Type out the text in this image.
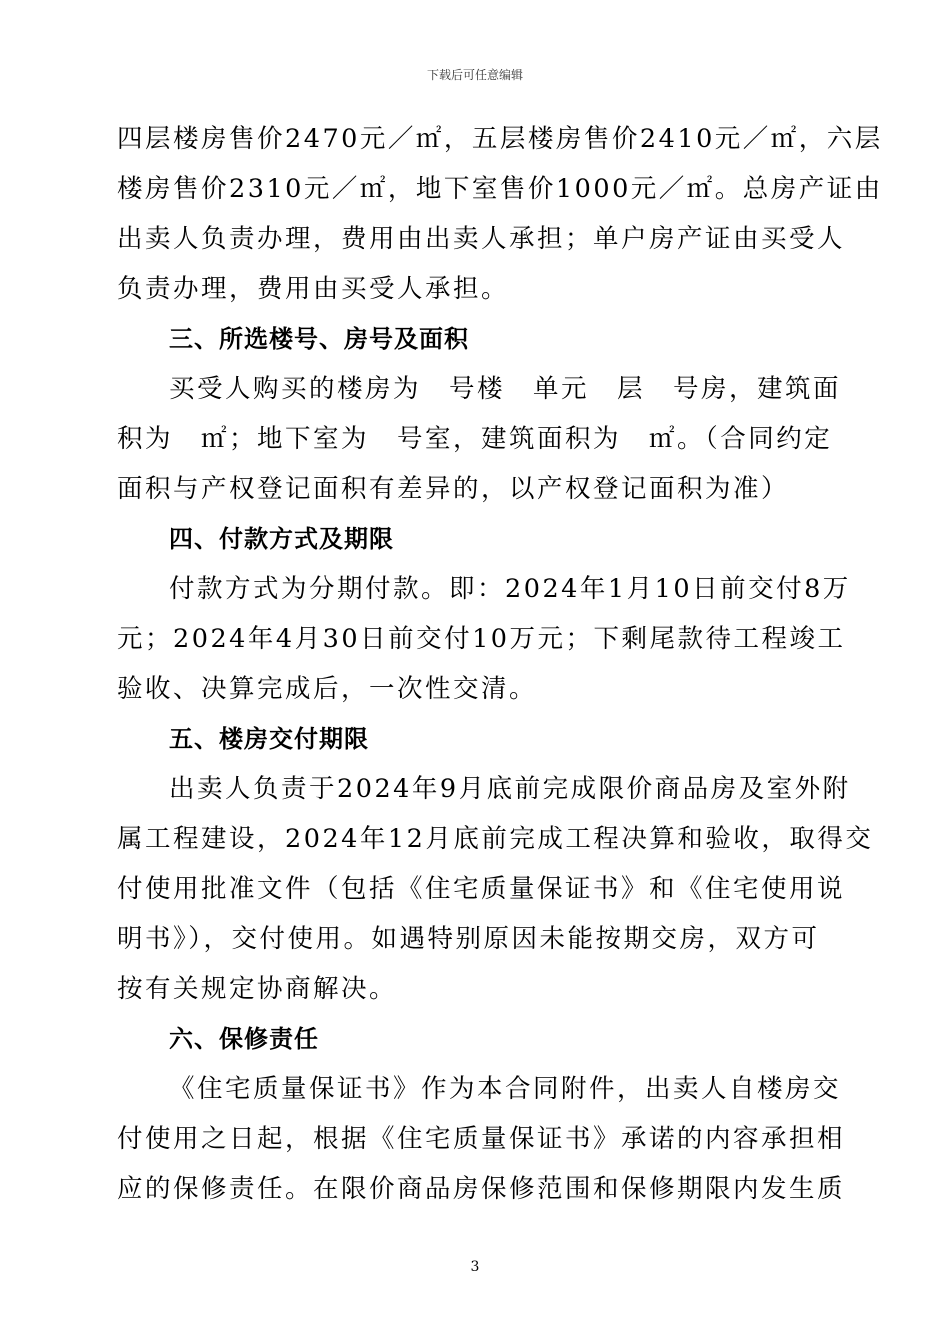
下载后可任意编辑
四层楼房售价2470元／㎡，五层楼房售价2410元／㎡，六层
楼房售价2310元／㎡，地下室售价1000元／㎡。总房产证由
出卖人负责办理，费用由出卖人承担；单户房产证由买受人
负责办理，费用由买受人承担。
三、所选楼号、房号及面积
买受人购买的楼房为　号楼　单元　层　号房，建筑面
积为　㎡；地下室为　号室，建筑面积为　㎡。（合同约定
面积与产权登记面积有差异的，以产权登记面积为准）
四、付款方式及期限
付款方式为分期付款。即：2024年1月10日前交付8万
元；2024年4月30日前交付10万元；下剩尾款待工程竣工
验收、决算完成后，一次性交清。
五、楼房交付期限
出卖人负责于2024年9月底前完成限价商品房及室外附
属工程建设，2024年12月底前完成工程决算和验收，取得交
付使用批准文件（包括《住宅质量保证书》和《住宅使用说
明书》），交付使用。如遇特别原因未能按期交房，双方可
按有关规定协商解决。
六、保修责任
《住宅质量保证书》作为本合同附件，出卖人自楼房交
付使用之日起，根据《住宅质量保证书》承诺的内容承担相
应的保修责任。在限价商品房保修范围和保修期限内发生质
3
